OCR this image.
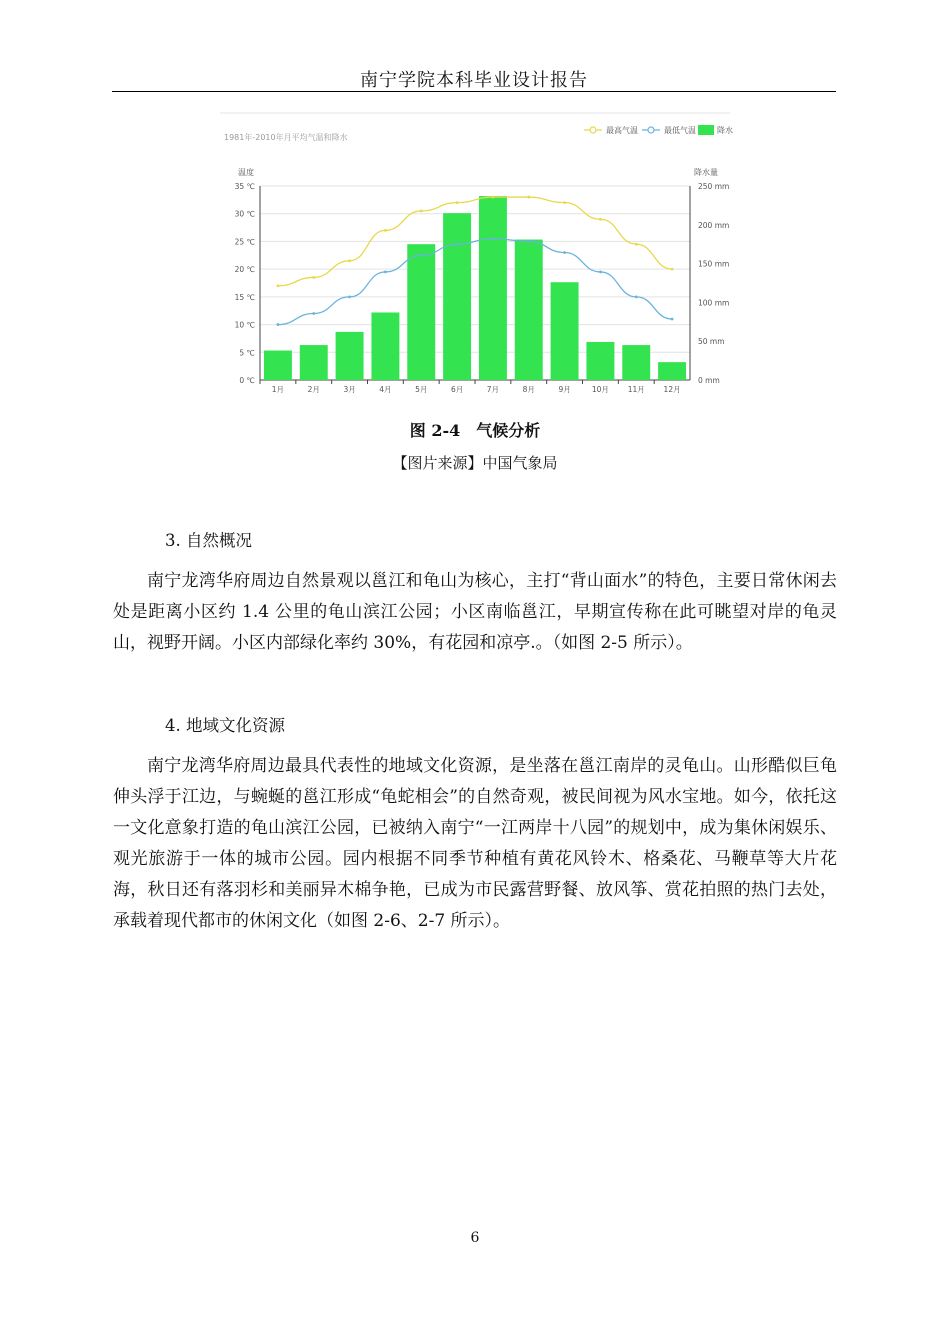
南宁学院本科毕业设计报告
1981年-2010年月平均气温和降水
最高气温	最低气温	降水
温度	降水量
0 ℃
5 ℃
10 ℃
15 ℃
20 ℃
25 ℃
30 ℃
35 ℃
0 mm
50 mm
100 mm
150 mm
200 mm
250 mm
1月	2月	3月	4月	5月	6月	7月	8月	9月	10月	11月	12月
图 2-4　气候分析
【图片来源】中国气象局
3. 自然概况
南宁龙湾华府周边自然景观以邕江和龟山为核心，主打“背山面水”的特色，主要日常休闲去处是距离小区约 1.4 公里的龟山滨江公园；小区南临邕江，早期宣传称在此可眺望对岸的龟灵山，视野开阔。小区内部绿化率约 30%，有花园和凉亭.。（如图 2-5 所示）。
4. 地域文化资源
南宁龙湾华府周边最具代表性的地域文化资源，是坐落在邕江南岸的灵龟山。山形酷似巨龟伸头浮于江边，与蜿蜒的邕江形成“龟蛇相会”的自然奇观，被民间视为风水宝地。如今，依托这一文化意象打造的龟山滨江公园，已被纳入南宁“一江两岸十八园”的规划中，成为集休闲娱乐、观光旅游于一体的城市公园。园内根据不同季节种植有黄花风铃木、格桑花、马鞭草等大片花海，秋日还有落羽杉和美丽异木棉争艳，已成为市民露营野餐、放风筝、赏花拍照的热门去处，承载着现代都市的休闲文化（如图 2-6、2-7 所示）。
6
